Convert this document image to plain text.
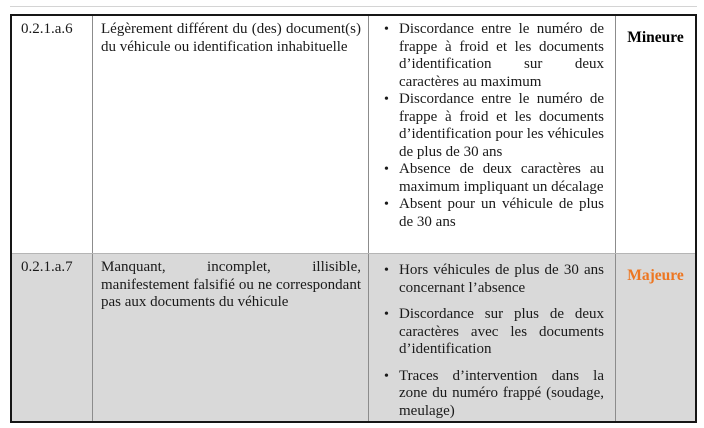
0.2.1.a.6	Légèrement différent du (des) document(s) du véhicule ou identification inhabituelle
Discordance entre le numéro de frappe à froid et les documents d’identification sur deux caractères au maximum
Discordance entre le numéro de frappe à froid et les documents d’identification pour les véhicules de plus de 30 ans
Absence de deux caractères au maximum impliquant un décalage
Absent pour un véhicule de plus de 30 ans
Mineure
0.2.1.a.7	Manquant, incomplet, illisible, manifestement falsifié ou ne correspondant pas aux documents du véhicule
Hors véhicules de plus de 30 ans concernant l’absence
Discordance sur plus de deux caractères avec les documents d’identification
Traces d’intervention dans la zone du numéro frappé (soudage, meulage)
Majeure
